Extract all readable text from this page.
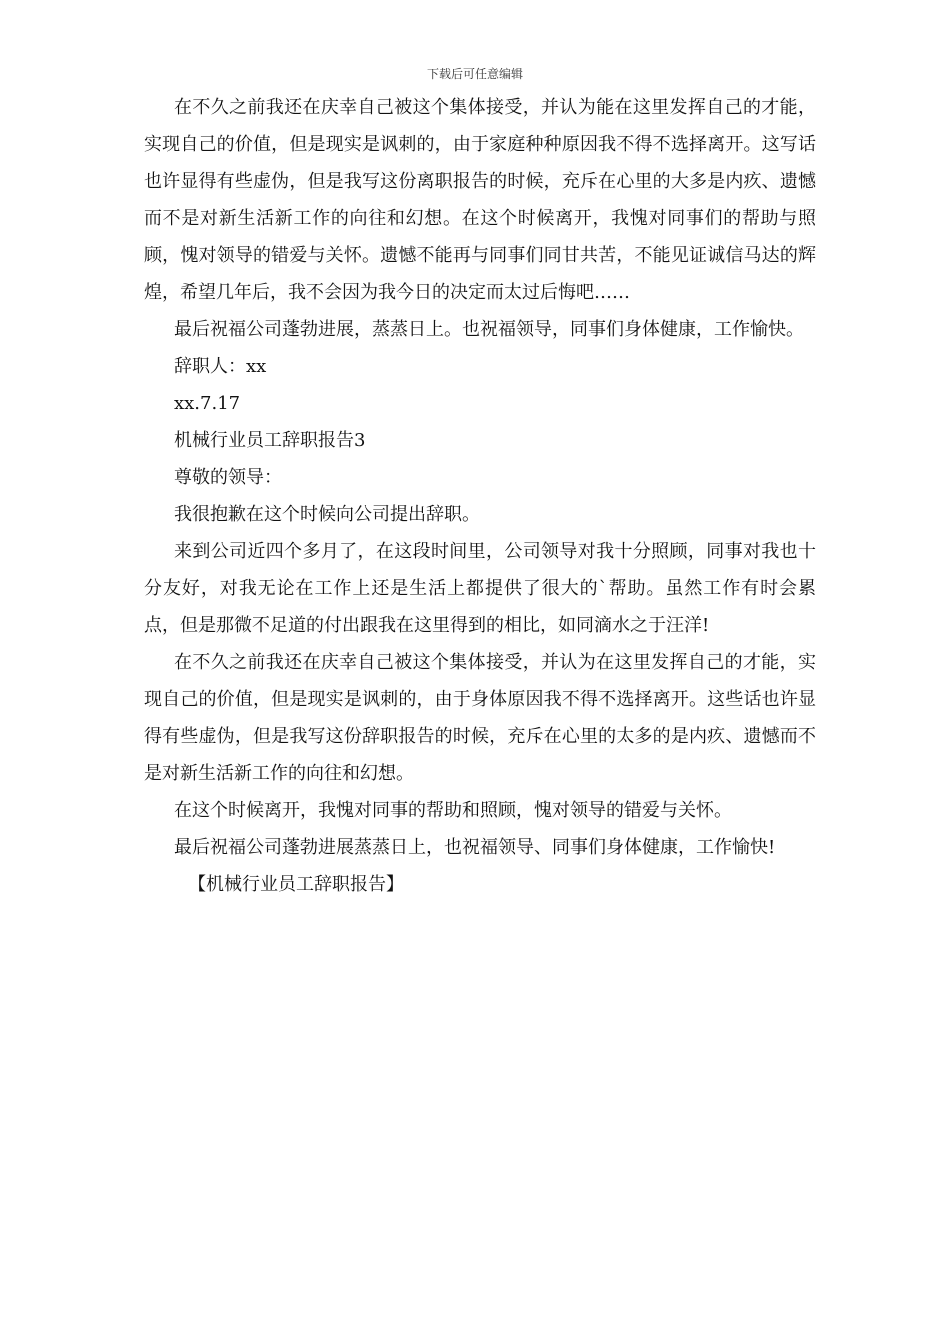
下载后可任意编辑

在不久之前我还在庆幸自己被这个集体接受，并认为能在这里发挥自己的才能，实现自己的价值，但是现实是讽刺的，由于家庭种种原因我不得不选择离开。这写话也许显得有些虚伪，但是我写这份离职报告的时候，充斥在心里的大多是内疚、遗憾而不是对新生活新工作的向往和幻想。在这个时候离开，我愧对同事们的帮助与照顾，愧对领导的错爱与关怀。遗憾不能再与同事们同甘共苦，不能见证诚信马达的辉煌，希望几年后，我不会因为我今日的决定而太过后悔吧……

最后祝福公司蓬勃进展，蒸蒸日上。也祝福领导，同事们身体健康，工作愉快。

辞职人：xx

xx.7.17

机械行业员工辞职报告3

尊敬的领导：

我很抱歉在这个时候向公司提出辞职。

来到公司近四个多月了，在这段时间里，公司领导对我十分照顾，同事对我也十分友好，对我无论在工作上还是生活上都提供了很大的`帮助。虽然工作有时会累点，但是那微不足道的付出跟我在这里得到的相比，如同滴水之于汪洋!

在不久之前我还在庆幸自己被这个集体接受，并认为在这里发挥自己的才能，实现自己的价值，但是现实是讽刺的，由于身体原因我不得不选择离开。这些话也许显得有些虚伪，但是我写这份辞职报告的时候，充斥在心里的太多的是内疚、遗憾而不是对新生活新工作的向往和幻想。

在这个时候离开，我愧对同事的帮助和照顾，愧对领导的错爱与关怀。

最后祝福公司蓬勃进展蒸蒸日上，也祝福领导、同事们身体健康，工作愉快!

【机械行业员工辞职报告】
